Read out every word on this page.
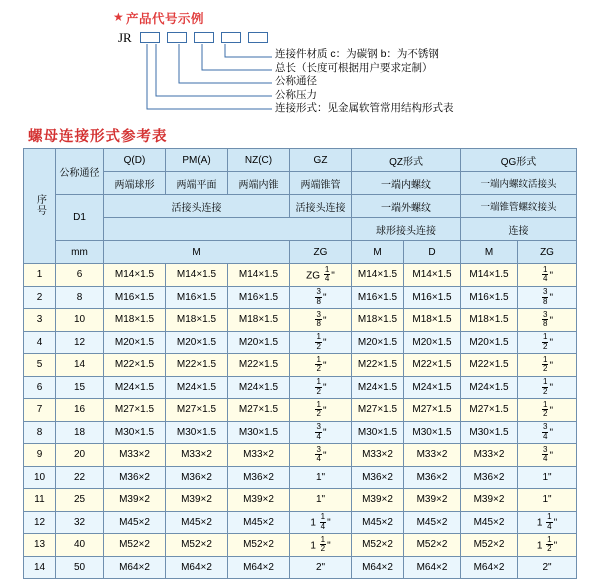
★ 产品代号示例
JR

连接件材质 c：为碳钢 b：为不锈钢
总长（长度可根据用户要求定制）
公称通径
公称压力
连接形式：见金属软管常用结构形式表
螺母连接形式参考表
序号	公称通径	Q(D)	PM(A)	NZ(C)	GZ	QZ形式		QG形式	
		两端球形	两端平面	两端内锥	两端锥管	一端内螺纹		一端内螺纹活接头	
	D1	活接头连接			活接头连接	一端外螺纹		一端锥管螺纹接头	
						球形接头连接		连接	
	mm	M			ZG	M	D	M	ZG
1	6	M14×1.5	M14×1.5	M14×1.5	ZG $\frac{1}{4}$ "	M14×1.5	M14×1.5	M14×1.5	$\frac{1}{4}$ "
2	8	M16×1.5	M16×1.5	M16×1.5	$\frac{3}{8}$ "	M16×1.5	M16×1.5	M16×1.5	$\frac{3}{8}$ "
3	10	M18×1.5	M18×1.5	M18×1.5	$\frac{3}{8}$ "	M18×1.5	M18×1.5	M18×1.5	$\frac{3}{8}$ "
4	12	M20×1.5	M20×1.5	M20×1.5	$\frac{1}{2}$ "	M20×1.5	M20×1.5	M20×1.5	$\frac{1}{2}$ "
5	14	M22×1.5	M22×1.5	M22×1.5	$\frac{1}{2}$ "	M22×1.5	M22×1.5	M22×1.5	$\frac{1}{2}$ "
6	15	M24×1.5	M24×1.5	M24×1.5	$\frac{1}{2}$ "	M24×1.5	M24×1.5	M24×1.5	$\frac{1}{2}$ "
7	16	M27×1.5	M27×1.5	M27×1.5	$\frac{1}{2}$ "	M27×1.5	M27×1.5	M27×1.5	$\frac{1}{2}$ "
8	18	M30×1.5	M30×1.5	M30×1.5	$\frac{3}{4}$ "	M30×1.5	M30×1.5	M30×1.5	$\frac{3}{4}$ "
9	20	M33×2	M33×2	M33×2	$\frac{3}{4}$ "	M33×2	M33×2	M33×2	$\frac{3}{4}$ "
10	22	M36×2	M36×2	M36×2	1"	M36×2	M36×2	M36×2	1"
11	25	M39×2	M39×2	M39×2	1"	M39×2	M39×2	M39×2	1"
12	32	M45×2	M45×2	M45×2	$1 \frac{1}{4}$ "	M45×2	M45×2	M45×2	$1 \frac{1}{4}$ "
13	40	M52×2	M52×2	M52×2	$1 \frac{1}{2}$ "	M52×2	M52×2	M52×2	$1 \frac{1}{2}$ "
14	50	M64×2	M64×2	M64×2	2"	M64×2	M64×2	M64×2	2"
